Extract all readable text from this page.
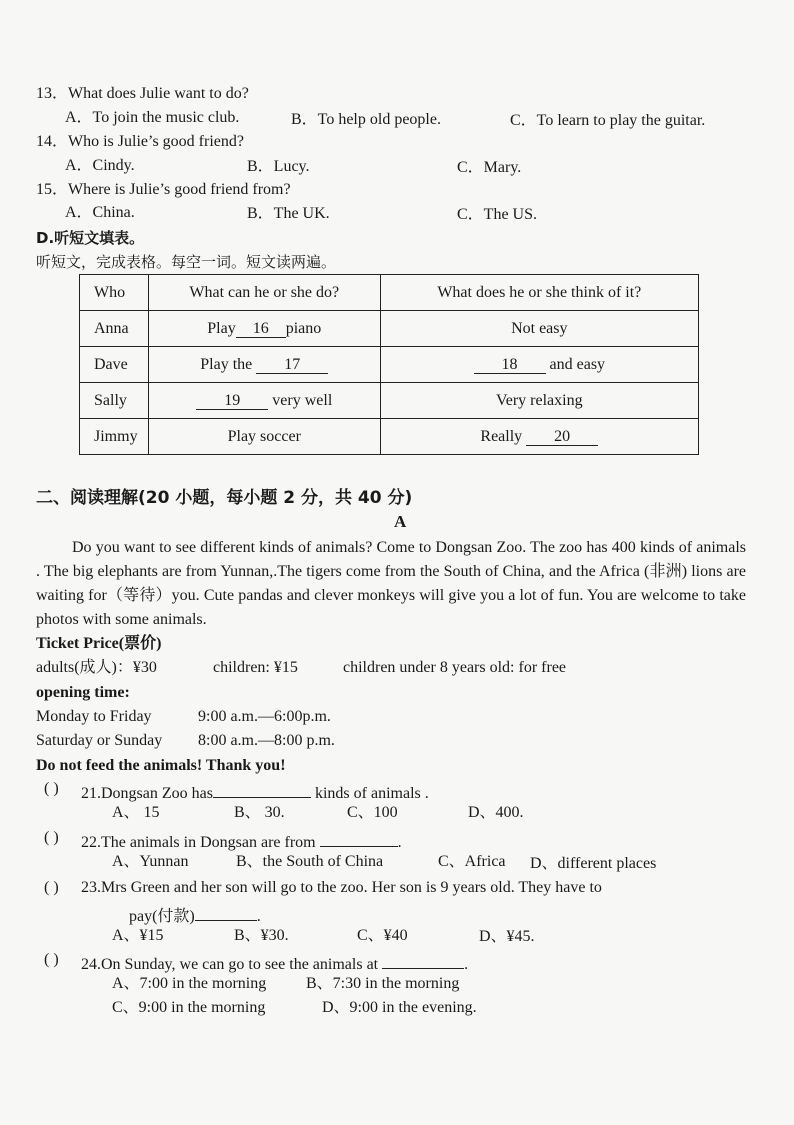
13．What does Julie want to do?
A．To join the music club.	B．To help old people.	C．To learn to play the guitar.
14．Who is Julie’s good friend?
A．Cindy.	B．Lucy.	C．Mary.
15．Where is Julie’s good friend from?
A．China.	B．The UK.	C．The US.
D.听短文填表。
听短文，完成表格。每空一词。短文读两遍。
Who	What can he or she do?	What does he or she think of it?
Anna	Play 16 piano	Not easy
Dave	Play the 17	18 and easy
Sally	19 very well	Very relaxing
Jimmy	Play soccer	Really 20
二、阅读理解(20 小题，每小题 2 分，共 40 分)
A
Do you want to see different kinds of animals? Come to Dongsan Zoo. The zoo has 400 kinds of animals . The big elephants are from Yunnan,.The tigers come from the South of China, and the Africa (非洲) lions are waiting for（等待）you. Cute pandas and clever monkeys will give you a lot of fun. You are welcome to take photos with some animals.
Ticket Price(票价)
adults(成人)：¥30	children: ¥15	children under 8 years old: for free
opening time:
Monday to Friday	9:00 a.m.—6:00p.m.
Saturday or Sunday 8:00 a.m.—8:00 p.m.
Do not feed the animals! Thank you!
( ) 21.Dongsan Zoo has	kinds of animals .
A、 15	B、 30.	C、100	D、400.
( ) 22.The animals in Dongsan are from	.
A、Yunnan	B、the South of China	C、Africa D、different places
( ) 23.Mrs Green and her son will go to the zoo. Her son is 9 years old. They have to
pay(付款)	.
A、¥15	B、¥30.	C、¥40	D、¥45.
( ) 24.On Sunday, we can go to see the animals at	.
A、7:00 in the morning B、7:30 in the morning
C、9:00 in the morning	D、9:00 in the evening.
